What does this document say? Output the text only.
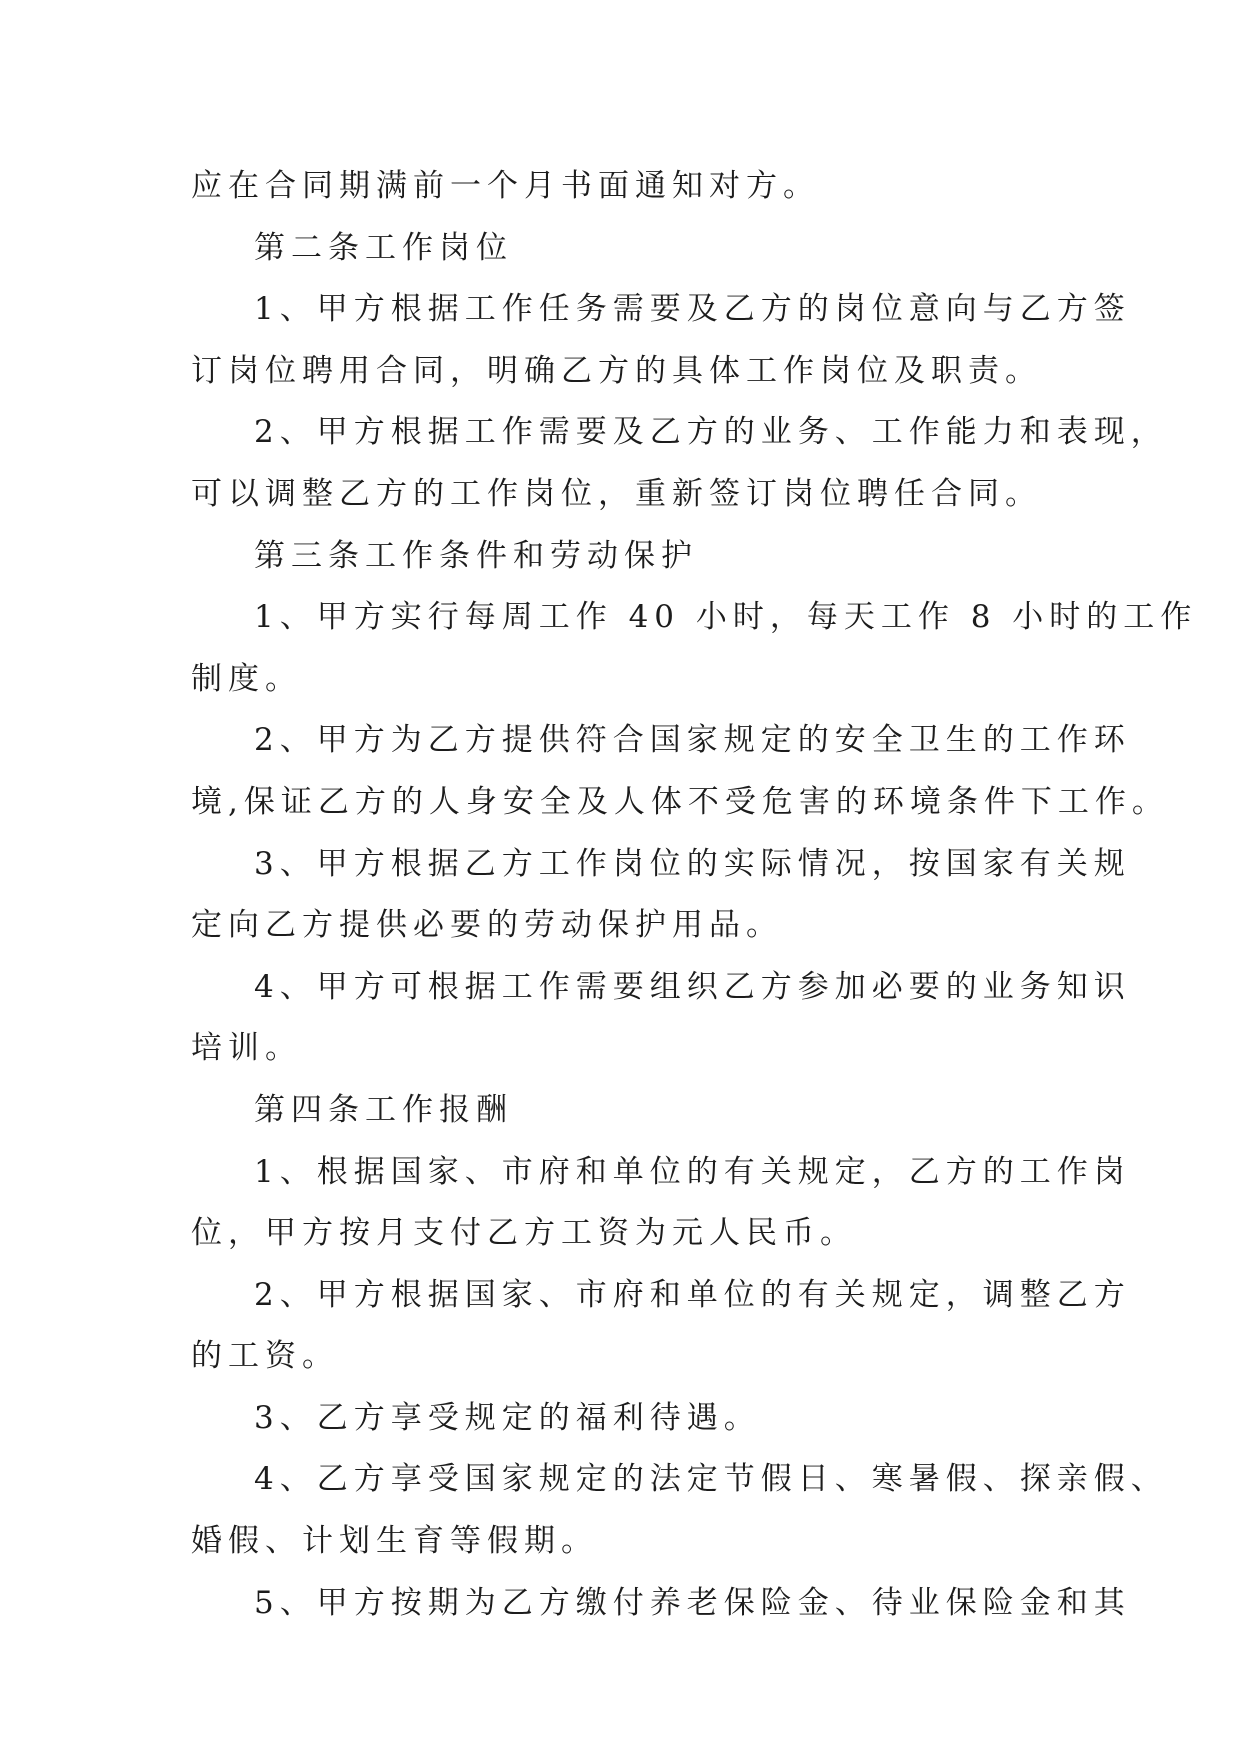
应在合同期满前一个月书面通知对方。
第二条工作岗位
1、甲方根据工作任务需要及乙方的岗位意向与乙方签
订岗位聘用合同，明确乙方的具体工作岗位及职责。
2、甲方根据工作需要及乙方的业务、工作能力和表现，
可以调整乙方的工作岗位，重新签订岗位聘任合同。
第三条工作条件和劳动保护
1、甲方实行每周工作 40 小时，每天工作 8 小时的工作
制度。
2、甲方为乙方提供符合国家规定的安全卫生的工作环
境,保证乙方的人身安全及人体不受危害的环境条件下工作。
3、甲方根据乙方工作岗位的实际情况，按国家有关规
定向乙方提供必要的劳动保护用品。
4、甲方可根据工作需要组织乙方参加必要的业务知识
培训。
第四条工作报酬
1、根据国家、市府和单位的有关规定，乙方的工作岗
位，甲方按月支付乙方工资为元人民币。
2、甲方根据国家、市府和单位的有关规定，调整乙方
的工资。
3、乙方享受规定的福利待遇。
4、乙方享受国家规定的法定节假日、寒暑假、探亲假、
婚假、计划生育等假期。
5、甲方按期为乙方缴付养老保险金、待业保险金和其
